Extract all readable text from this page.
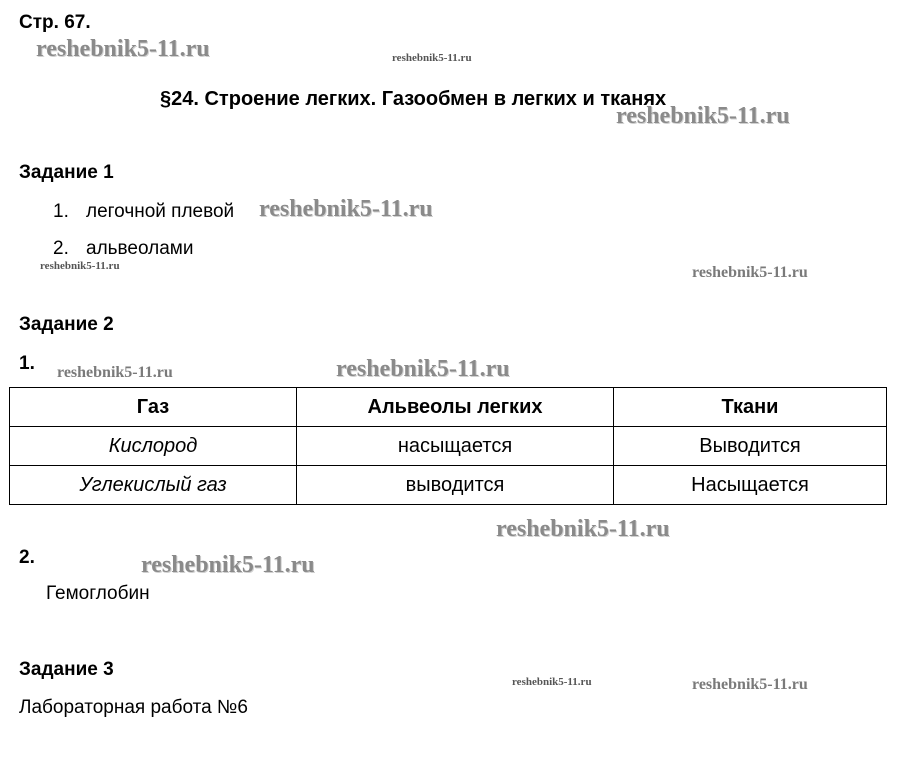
Стр. 67.
§24. Строение легких. Газообмен в легких и тканях
Задание 1
1. легочной плевой
2. альвеолами
Задание 2
1.
Газ	Альвеолы легких	Ткани
Кислород	насыщается	Выводится
Углекислый газ	выводится	Насыщается
2.
Гемоглобин
Задание 3
Лабораторная работа №6
reshebnik5-11.ru	reshebnik5-11.ru
reshebnik5-11.ru
reshebnik5-11.ru
reshebnik5-11.ru	reshebnik5-11.ru
reshebnik5-11.ru	reshebnik5-11.ru
reshebnik5-11.ru
reshebnik5-11.ru
reshebnik5-11.ru	reshebnik5-11.ru
